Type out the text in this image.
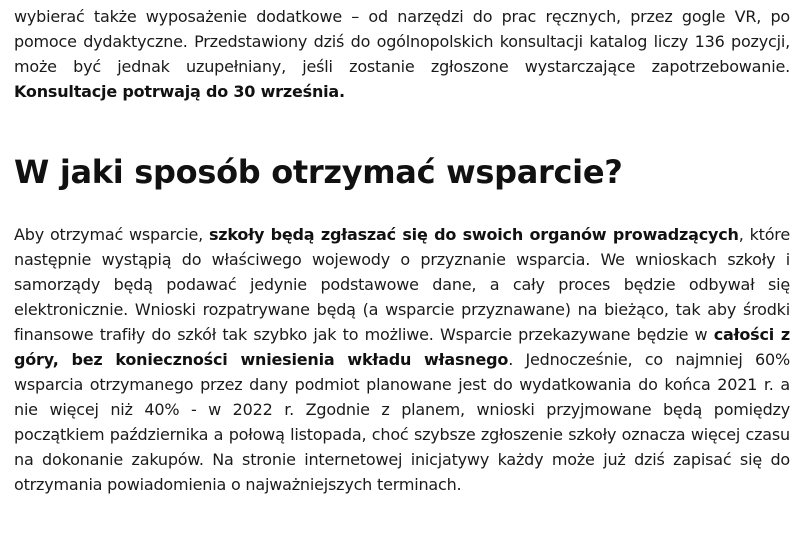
wybierać także wyposażenie dodatkowe – od narzędzi do prac ręcznych, przez gogle VR, po pomoce dydaktyczne. Przedstawiony dziś do ogólnopolskich konsultacji katalog liczy 136 pozycji, może być jednak uzupełniany, jeśli zostanie zgłoszone wystarczające zapotrzebowanie. Konsultacje potrwają do 30 września.

W jaki sposób otrzymać wsparcie?

Aby otrzymać wsparcie, szkoły będą zgłaszać się do swoich organów prowadzących, które następnie wystąpią do właściwego wojewody o przyznanie wsparcia. We wnioskach szkoły i samorządy będą podawać jedynie podstawowe dane, a cały proces będzie odbywał się elektronicznie. Wnioski rozpatrywane będą (a wsparcie przyznawane) na bieżąco, tak aby środki finansowe trafiły do szkół tak szybko jak to możliwe. Wsparcie przekazywane będzie w całości z góry, bez konieczności wniesienia wkładu własnego. Jednocześnie, co najmniej 60% wsparcia otrzymanego przez dany podmiot planowane jest do wydatkowania do końca 2021 r. a nie więcej niż 40% - w 2022 r. Zgodnie z planem, wnioski przyjmowane będą pomiędzy początkiem października a połową listopada, choć szybsze zgłoszenie szkoły oznacza więcej czasu na dokonanie zakupów. Na stronie internetowej inicjatywy każdy może już dziś zapisać się do otrzymania powiadomienia o najważniejszych terminach.
